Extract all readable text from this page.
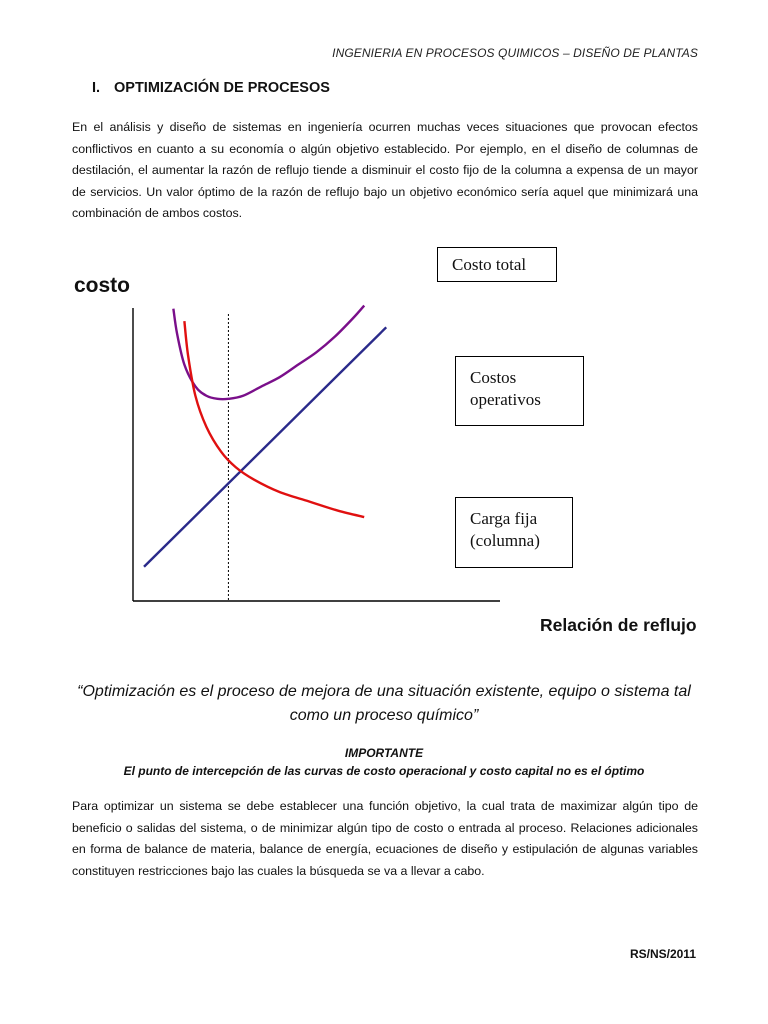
INGENIERIA EN PROCESOS QUIMICOS – DISEÑO DE PLANTAS
I. OPTIMIZACIÓN DE PROCESOS
En el análisis y diseño de sistemas en ingeniería ocurren muchas veces situaciones que provocan efectos conflictivos en cuanto a su economía o algún objetivo establecido. Por ejemplo, en el diseño de columnas de destilación, el aumentar la razón de reflujo tiende a disminuir el costo fijo de la columna a expensa de un mayor de servicios. Un valor óptimo de la razón de reflujo bajo un objetivo económico sería aquel que minimizará una combinación de ambos costos.
costo
Costo total
Costos
operativos
Carga fija
(columna)
Relación de reflujo
“Optimización es el proceso de mejora de una situación existente, equipo o sistema tal como un proceso químico”
IMPORTANTE
El punto de intercepción de las curvas de costo operacional y costo capital no es el óptimo
Para optimizar un sistema se debe establecer una función objetivo, la cual trata de maximizar algún tipo de beneficio o salidas del sistema, o de minimizar algún tipo de costo o entrada al proceso. Relaciones adicionales en forma de balance de materia, balance de energía, ecuaciones de diseño y estipulación de algunas variables constituyen restricciones bajo las cuales la búsqueda se va a llevar a cabo.
RS/NS/2011
